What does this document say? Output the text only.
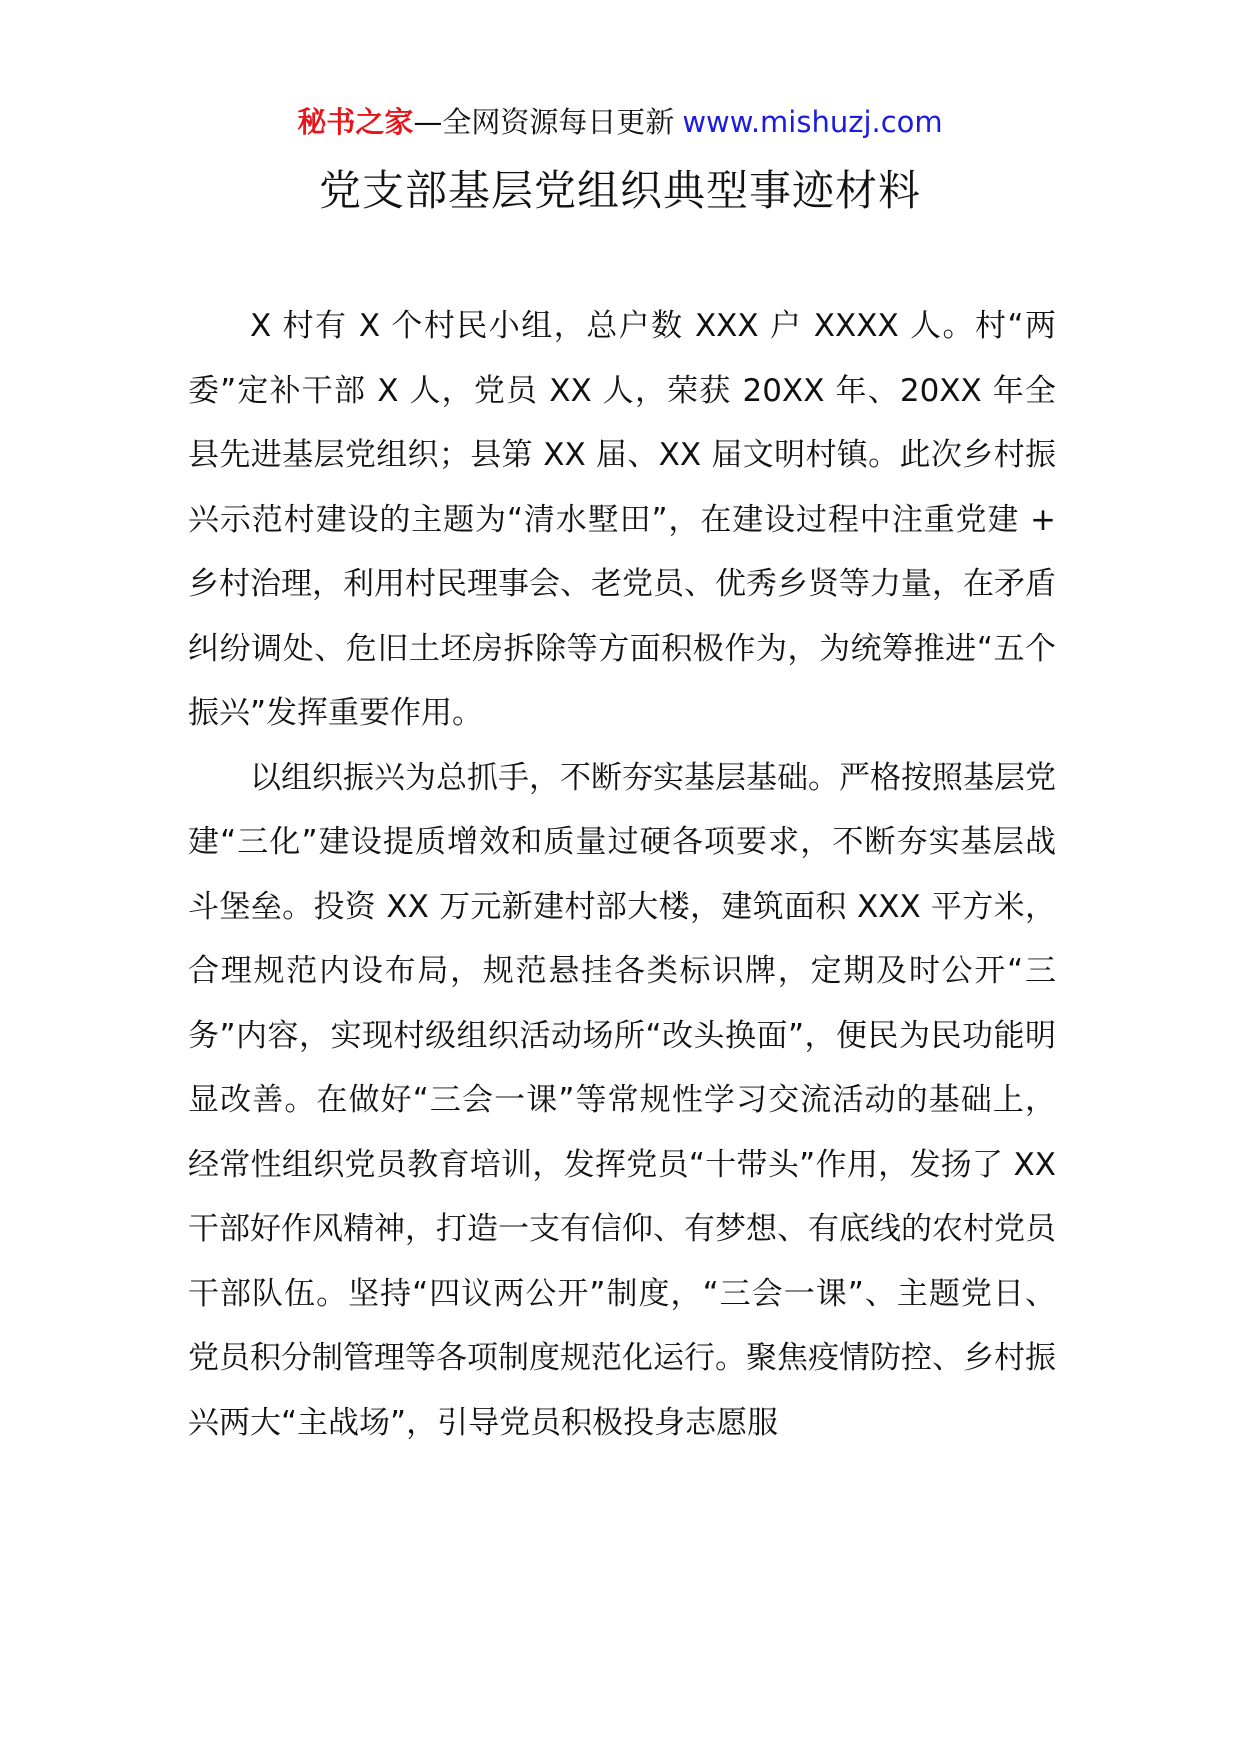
秘书之家—全网资源每日更新 www.mishuzj.com
党支部基层党组织典型事迹材料

X 村有 X 个村民小组，总户数 XXX 户 XXXX 人。村“两委”定补干部 X 人，党员 XX 人，荣获 20XX 年、20XX 年全县先进基层党组织；县第 XX 届、XX 届文明村镇。此次乡村振兴示范村建设的主题为“清水墅田”，在建设过程中注重党建 + 乡村治理，利用村民理事会、老党员、优秀乡贤等力量，在矛盾纠纷调处、危旧土坯房拆除等方面积极作为，为统筹推进“五个振兴”发挥重要作用。

以组织振兴为总抓手，不断夯实基层基础。严格按照基层党建“三化”建设提质增效和质量过硬各项要求，不断夯实基层战斗堡垒。投资 XX 万元新建村部大楼，建筑面积 XXX 平方米，合理规范内设布局，规范悬挂各类标识牌，定期及时公开“三务”内容，实现村级组织活动场所“改头换面”，便民为民功能明显改善。在做好“三会一课”等常规性学习交流活动的基础上，经常性组织党员教育培训，发挥党员“十带头”作用，发扬了 XX 干部好作风精神，打造一支有信仰、有梦想、有底线的农村党员干部队伍。坚持“四议两公开”制度，“三会一课”、主题党日、党员积分制管理等各项制度规范化运行。聚焦疫情防控、乡村振兴两大“主战场”，引导党员积极投身志愿服
